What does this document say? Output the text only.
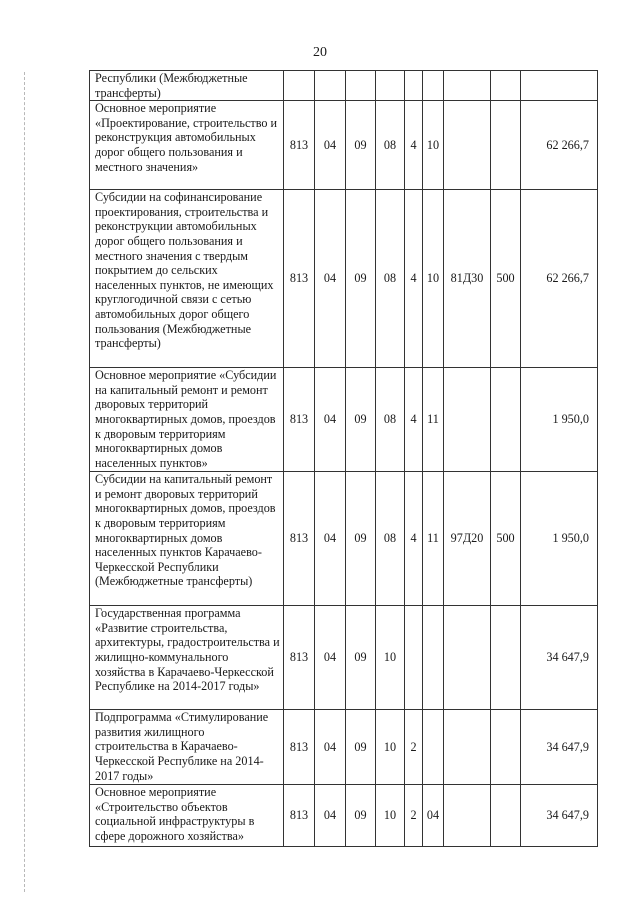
20
Республики (Межбюджетные трансферты)									
Основное мероприятие «Проектирование, строительство и реконструкция автомобильных дорог общего пользования и местного значения»	813	04	09	08	4	10			62 266,7
Субсидии на софинансирование проектирования, строительства и реконструкции автомобильных дорог общего пользования и местного значения с твердым покрытием до сельских населенных пунктов, не имеющих круглогодичной связи с сетью автомобильных дорог общего пользования (Межбюджетные трансферты)	813	04	09	08	4	10	81Д30	500	62 266,7
Основное мероприятие «Субсидии на капитальный ремонт и ремонт дворовых территорий многоквартирных домов, проездов к дворовым территориям многоквартирных домов населенных пунктов»	813	04	09	08	4	11			1 950,0
Субсидии на капитальный ремонт и ремонт дворовых территорий многоквартирных домов, проездов к дворовым территориям многоквартирных домов населенных пунктов Карачаево-Черкесской Республики (Межбюджетные трансферты)	813	04	09	08	4	11	97Д20	500	1 950,0
Государственная программа «Развитие строительства, архитектуры, градостроительства и жилищно-коммунального хозяйства в Карачаево-Черкесской Республике на 2014-2017 годы»	813	04	09	10					34 647,9
Подпрограмма «Стимулирование развития жилищного строительства в Карачаево-Черкесской Республике на 2014-2017 годы»	813	04	09	10	2				34 647,9
Основное мероприятие «Строительство объектов социальной инфраструктуры в сфере дорожного хозяйства»	813	04	09	10	2	04			34 647,9
